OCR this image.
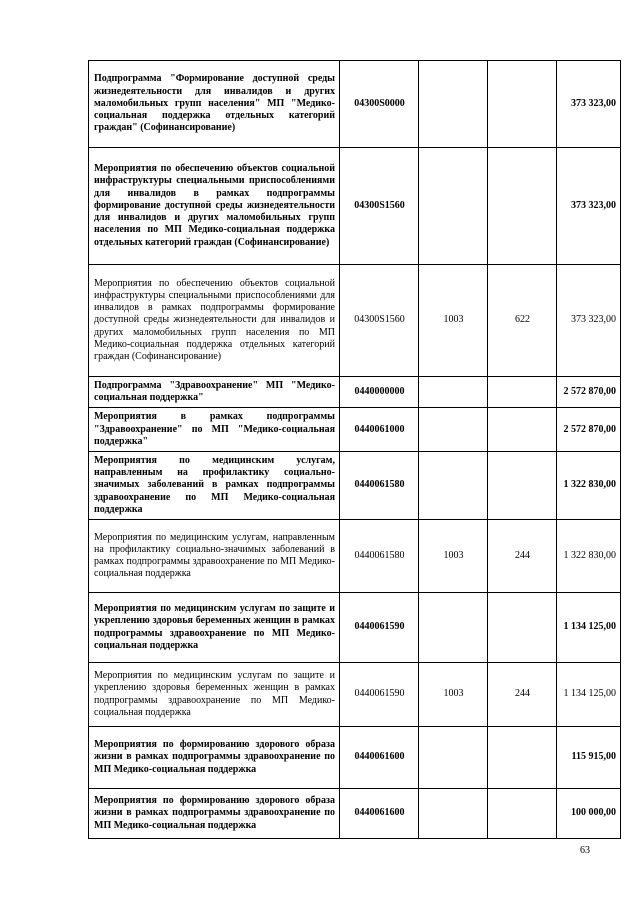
Подпрограмма "Формирование доступной среды жизнедеятельности для инвалидов и других маломобильных групп населения" МП "Медико-социальная поддержка отдельных категорий граждан" (Софинансирование)	04300S0000			373 323,00
Мероприятия по обеспечению объектов социальной инфраструктуры специальными приспособлениями для инвалидов в рамках подпрограммы формирование доступной среды жизнедеятельности для инвалидов и других маломобильных групп населения по МП Медико-социальная поддержка отдельных категорий граждан (Софинансирование)	04300S1560			373 323,00
Мероприятия по обеспечению объектов социальной инфраструктуры специальными приспособлениями для инвалидов в рамках подпрограммы формирование доступной среды жизнедеятельности для инвалидов и других маломобильных групп населения по МП Медико-социальная поддержка отдельных категорий граждан (Софинансирование)	04300S1560	1003	622	373 323,00
Подпрограмма "Здравоохранение" МП "Медико-социальная поддержка"	0440000000			2 572 870,00
Мероприятия в рамках подпрограммы "Здравоохранение" по МП "Медико-социальная поддержка"	0440061000			2 572 870,00
Мероприятия по медицинским услугам, направленным на профилактику социально-значимых заболеваний в рамках подпрограммы здравоохранение по МП Медико-социальная поддержка	0440061580			1 322 830,00
Мероприятия по медицинским услугам, направленным на профилактику социально-значимых заболеваний в рамках подпрограммы здравоохранение по МП Медико-социальная поддержка	0440061580	1003	244	1 322 830,00
Мероприятия по медицинским услугам по защите и укреплению здоровья беременных женщин в рамках подпрограммы здравоохранение по МП Медико-социальная поддержка	0440061590			1 134 125,00
Мероприятия по медицинским услугам по защите и укреплению здоровья беременных женщин в рамках подпрограммы здравоохранение по МП Медико-социальная поддержка	0440061590	1003	244	1 134 125,00
Мероприятия по формированию здорового образа жизни в рамках подпрограммы здравоохранение по МП Медико-социальная поддержка	0440061600			115 915,00
Мероприятия по формированию здорового образа жизни в рамках подпрограммы здравоохранение по МП Медико-социальная поддержка	0440061600			100 000,00
63
